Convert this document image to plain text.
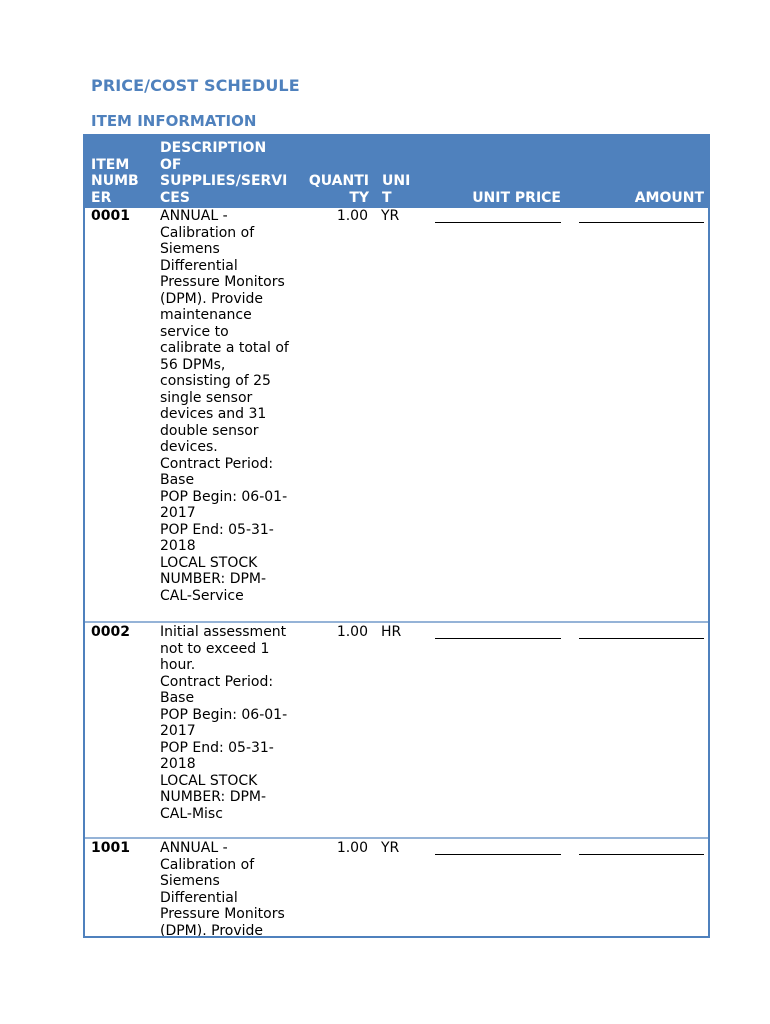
PRICE/COST SCHEDULE
ITEM INFORMATION
ITEM
NUMB
ER
DESCRIPTION
OF
SUPPLIES/SERVI
CES
QUANTI
TY
UNI
T	UNIT PRICE	AMOUNT
0001 ANNUAL -
Calibration of
Siemens
Differential
Pressure Monitors
(DPM). Provide
maintenance
service to
calibrate a total of
56 DPMs,
consisting of 25
single sensor
devices and 31
double sensor
devices.
Contract Period:
Base
POP Begin: 06-01-
2017
POP End: 05-31-
2018
LOCAL STOCK
NUMBER: DPM-
CAL-Service
1.00 YR
0002 Initial assessment
not to exceed 1
hour.
Contract Period:
Base
POP Begin: 06-01-
2017
POP End: 05-31-
2018
LOCAL STOCK
NUMBER: DPM-
CAL-Misc
1.00 HR
1001 ANNUAL -
Calibration of
Siemens
Differential
Pressure Monitors
(DPM). Provide
1.00 YR
